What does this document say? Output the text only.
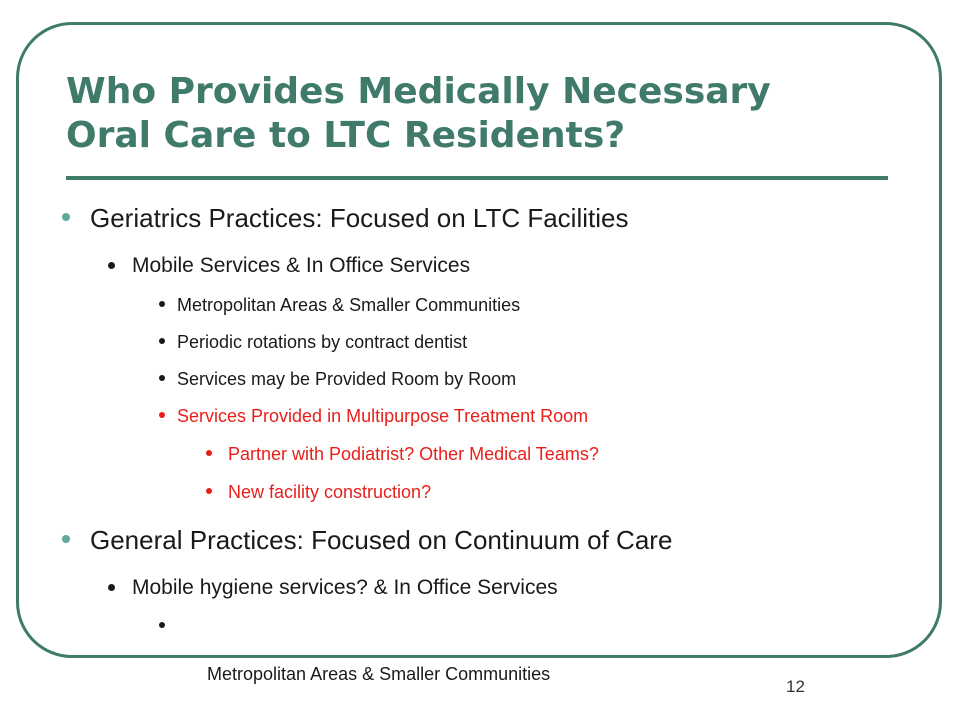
Who Provides Medically Necessary
Oral Care to LTC Residents?
Geriatrics Practices: Focused on LTC Facilities
Mobile Services & In Office Services
Metropolitan Areas & Smaller Communities
Periodic rotations by contract dentist
Services may be Provided Room by Room
Services Provided in Multipurpose Treatment Room
Partner with Podiatrist? Other Medical Teams?
New facility construction?
General Practices: Focused on Continuum of Care
Mobile hygiene services? & In Office Services

Metropolitan Areas & Smaller Communities

12
